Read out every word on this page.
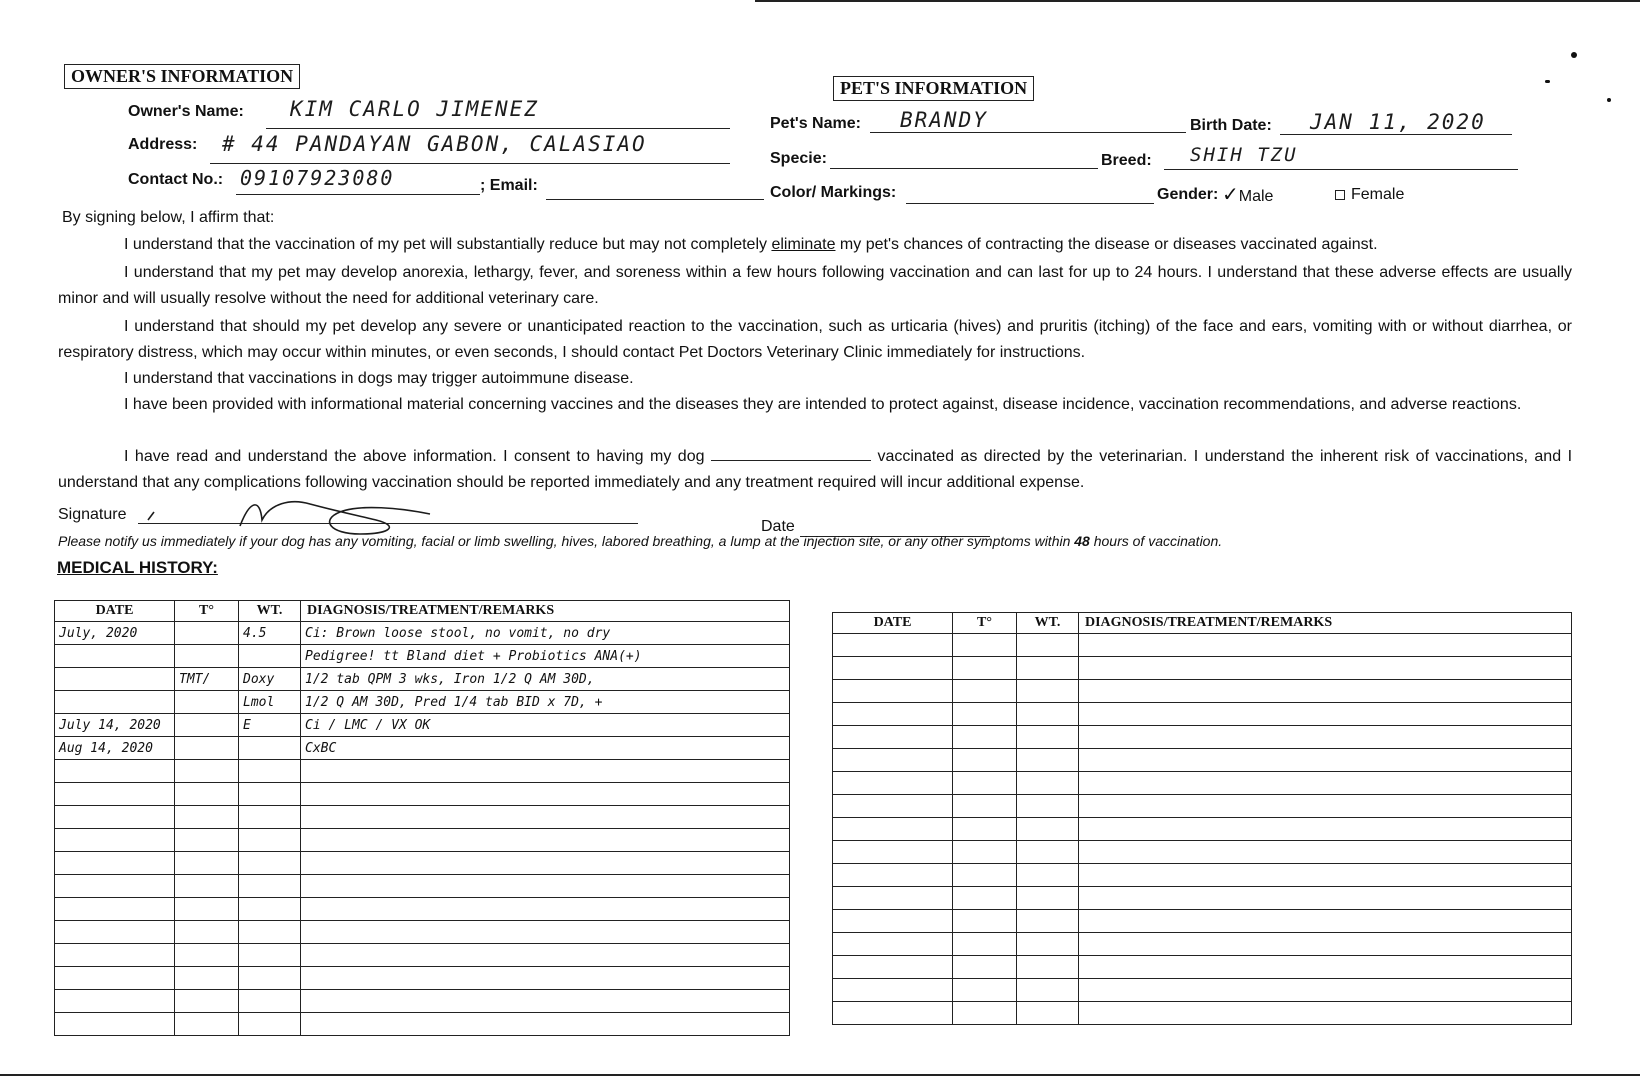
OWNER'S INFORMATION
Owner's Name: KIM CARLO JIMENEZ
Address: # 44 PANDAYAN GABON, CALASIAO
Contact No.: 09107923080	; Email:
PET'S INFORMATION
Pet's Name: BRANDY	Birth Date: JAN 11, 2020
Specie:	Breed: SHIH TZU
Color/ Markings:	Gender: ✓Male	Female
By signing below, I affirm that:
I understand that the vaccination of my pet will substantially reduce but may not completely eliminate my pet's chances of contracting the disease or diseases vaccinated against.
I understand that my pet may develop anorexia, lethargy, fever, and soreness within a few hours following vaccination and can last for up to 24 hours. I understand that these adverse effects are usually minor and will usually resolve without the need for additional veterinary care.
I understand that should my pet develop any severe or unanticipated reaction to the vaccination, such as urticaria (hives) and pruritis (itching) of the face and ears, vomiting with or without diarrhea, or respiratory distress, which may occur within minutes, or even seconds, I should contact Pet Doctors Veterinary Clinic immediately for instructions.
I understand that vaccinations in dogs may trigger autoimmune disease.
I have been provided with informational material concerning vaccines and the diseases they are intended to protect against, disease incidence, vaccination recommendations, and adverse reactions.
I have read and understand the above information. I consent to having my dog	vaccinated as directed by the veterinarian. I understand the inherent risk of vaccinations, and I understand that any complications following vaccination should be reported immediately and any treatment required will incur additional expense.
Signature
Date
Please notify us immediately if your dog has any vomiting, facial or limb swelling, hives, labored breathing, a lump at the injection site, or any other symptoms within 48 hours of vaccination.
MEDICAL HISTORY:
DATE	T°	WT.	DIAGNOSIS/TREATMENT/REMARKS
July, 2020		4.5	Ci: Brown loose stool, no vomit, no dry
			Pedigree! tt Bland diet + Probiotics ANA(+)
	TMT/	Doxy	1/2 tab QPM 3 wks, Iron 1/2 Q AM 30D,
		Lmol	1/2 Q AM 30D, Pred 1/4 tab BID x 7D, +
July 14, 2020		E	Ci / LMC / VX OK
Aug 14, 2020			CxBC

DATE	T°	WT.	DIAGNOSIS/TREATMENT/REMARKS
